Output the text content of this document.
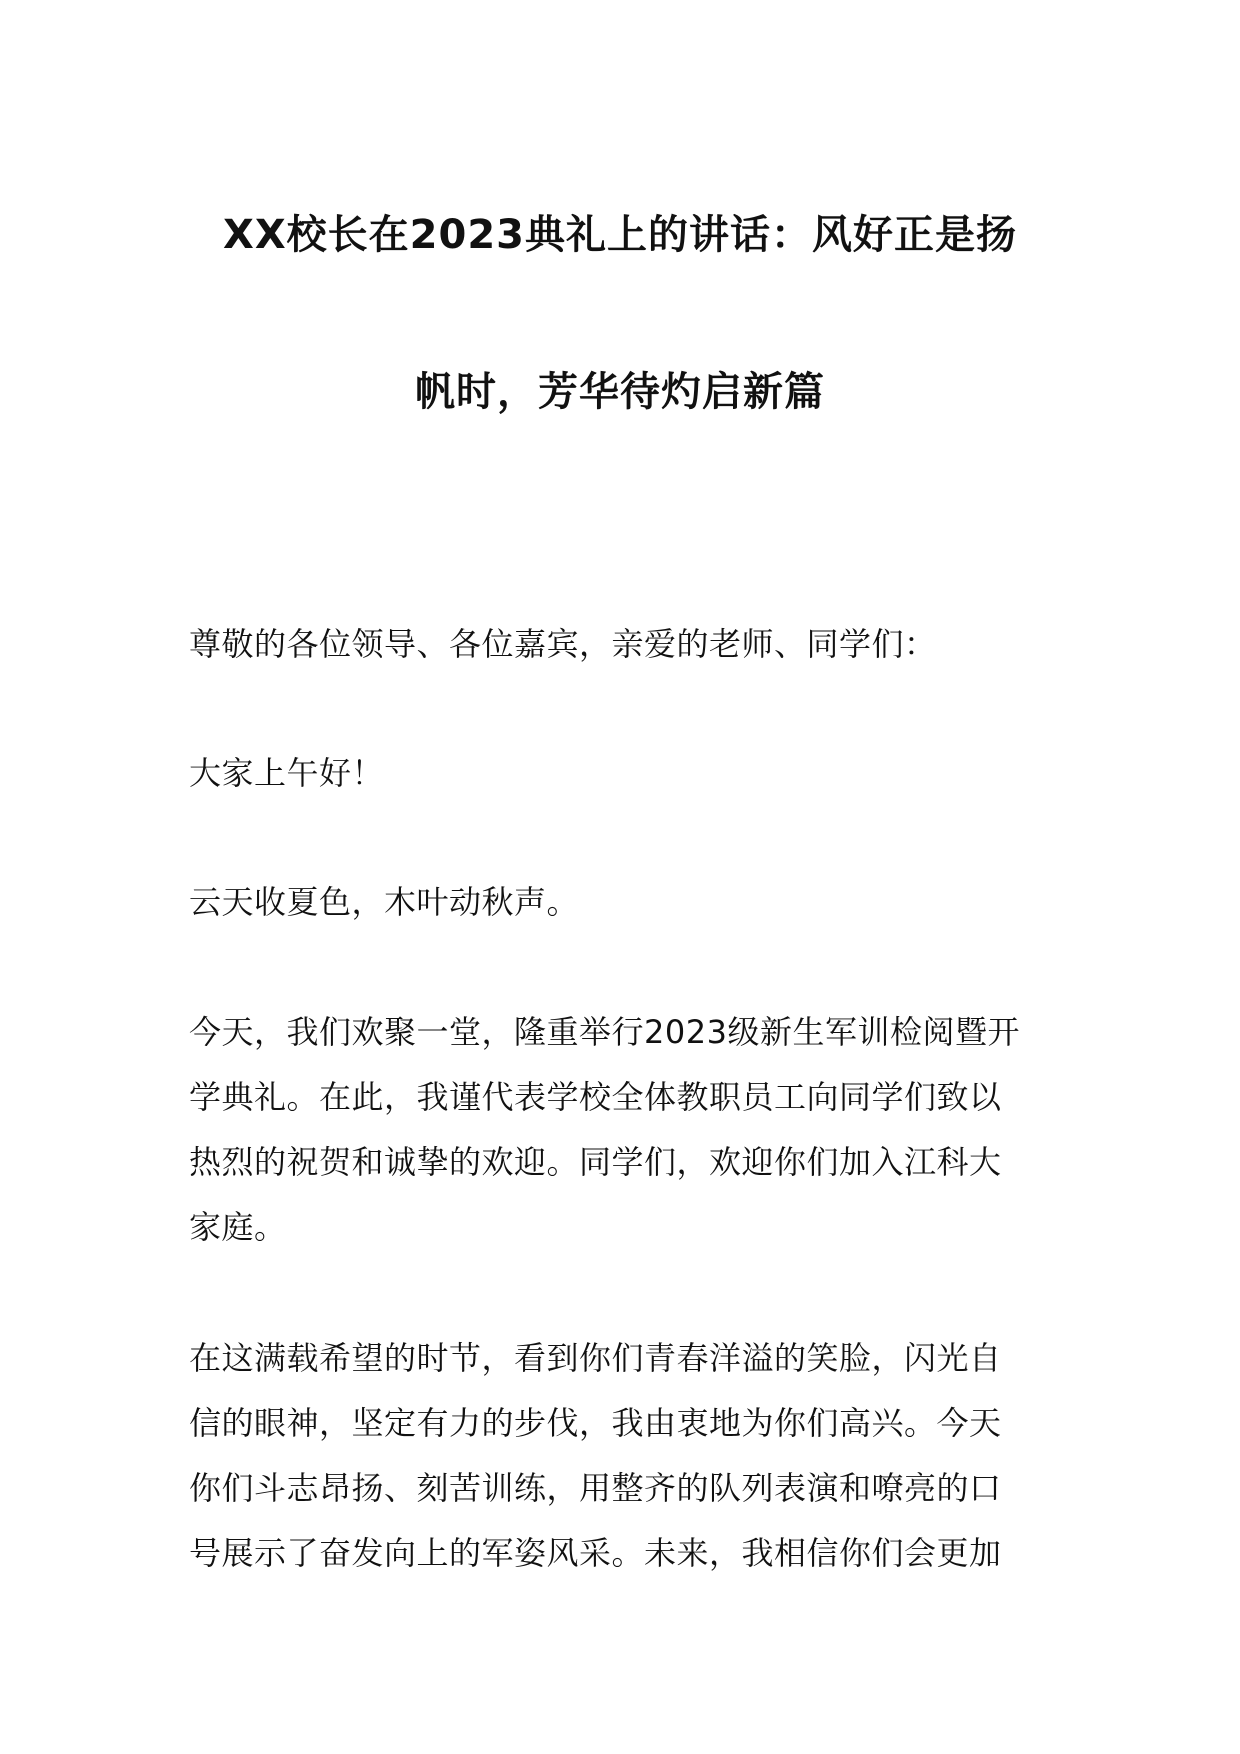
XX校长在2023典礼上的讲话：风好正是扬
帆时，芳华待灼启新篇

尊敬的各位领导、各位嘉宾，亲爱的老师、同学们：

大家上午好！

云天收夏色，木叶动秋声。

今天，我们欢聚一堂，隆重举行2023级新生军训检阅暨开
学典礼。在此，我谨代表学校全体教职员工向同学们致以
热烈的祝贺和诚挚的欢迎。同学们，欢迎你们加入江科大
家庭。

在这满载希望的时节，看到你们青春洋溢的笑脸，闪光自
信的眼神，坚定有力的步伐，我由衷地为你们高兴。今天
你们斗志昂扬、刻苦训练，用整齐的队列表演和嘹亮的口
号展示了奋发向上的军姿风采。未来，我相信你们会更加
